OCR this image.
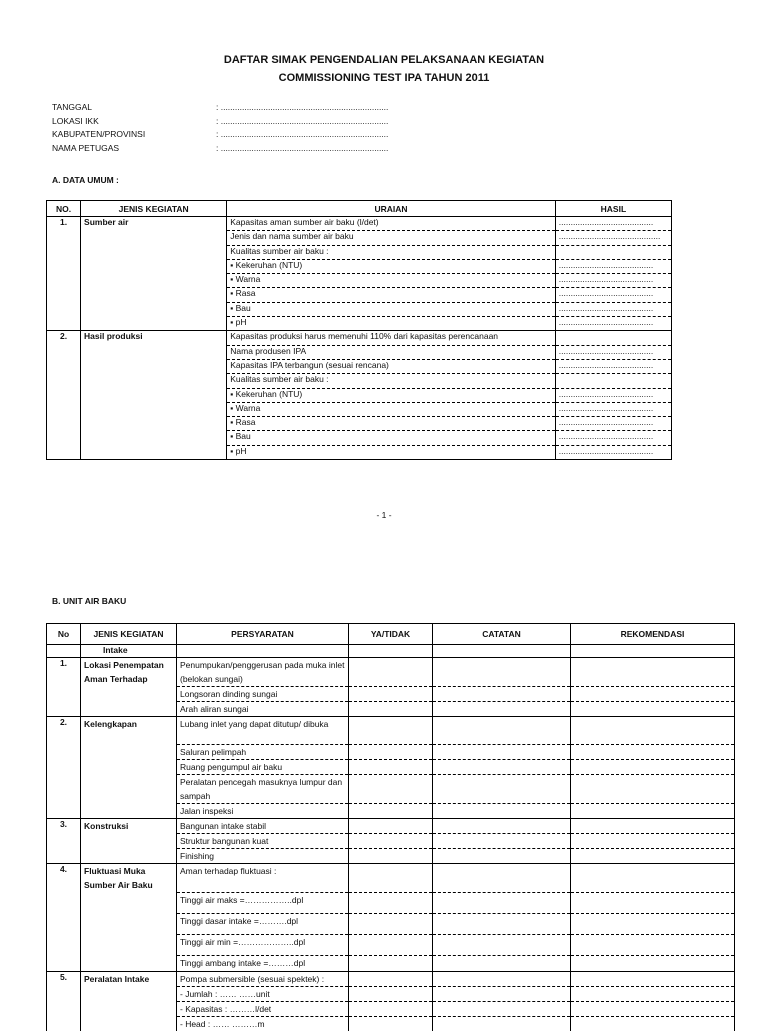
DAFTAR SIMAK PENGENDALIAN PELAKSANAAN KEGIATAN
COMMISSIONING TEST IPA TAHUN 2011
TANGGAL	: .......................................................................
LOKASI IKK	: .......................................................................
KABUPATEN/PROVINSI	: .......................................................................
NAMA PETUGAS	: .......................................................................
A. DATA UMUM :
NO.	JENIS KEGIATAN	URAIAN	HASIL
1.	Sumber air	Kapasitas aman sumber air baku (l/det)	........................................
		Jenis dan nama sumber air baku	...........................................
		Kualitas sumber air baku :	
		▪ Kekeruhan (NTU)	........................................
		▪ Warna	........................................
		▪ Rasa	........................................
		▪ Bau	........................................
		▪ pH	........................................
2.	Hasil produksi	Kapasitas produksi harus memenuhi 110% dari kapasitas perencanaan	
		Nama produsen IPA	........................................
		Kapasitas IPA terbangun (sesuai rencana)	........................................
		Kualitas sumber air baku :	
		▪ Kekeruhan (NTU)	........................................
		▪ Warna	........................................
		▪ Rasa	........................................
		▪ Bau	........................................
		▪ pH	........................................
- 1 -
B. UNIT AIR BAKU
No	JENIS KEGIATAN	PERSYARATAN	YA/TIDAK	CATATAN	REKOMENDASI
	Intake				
1.	Lokasi Penempatan Aman Terhadap	Penumpukan/penggerusan pada muka inlet (belokan sungai)			
		Longsoran dinding sungai			
		Arah aliran sungai			
2.	Kelengkapan	Lubang inlet yang dapat ditutup/ dibuka			
		Saluran pelimpah			
		Ruang pengumpul air baku			
		Peralatan pencegah masuknya lumpur dan sampah			
		Jalan inspeksi			
3.	Konstruksi	Bangunan intake stabil			
		Struktur bangunan kuat			
		Finishing			
4.	Fluktuasi Muka Sumber Air Baku	Aman terhadap fluktuasi :			
		Tinggi air maks =……………..dpl			
		Tinggi dasar intake =……….dpl			
		Tinggi air min =………………..dpl			
		Tinggi ambang intake =………dpl			
5.	Peralatan Intake	Pompa submersible (sesuai spektek) :			
		- Jumlah : …… ……unit			
		- Kapasitas : ………l/det			
		- Head : …… ………m			
